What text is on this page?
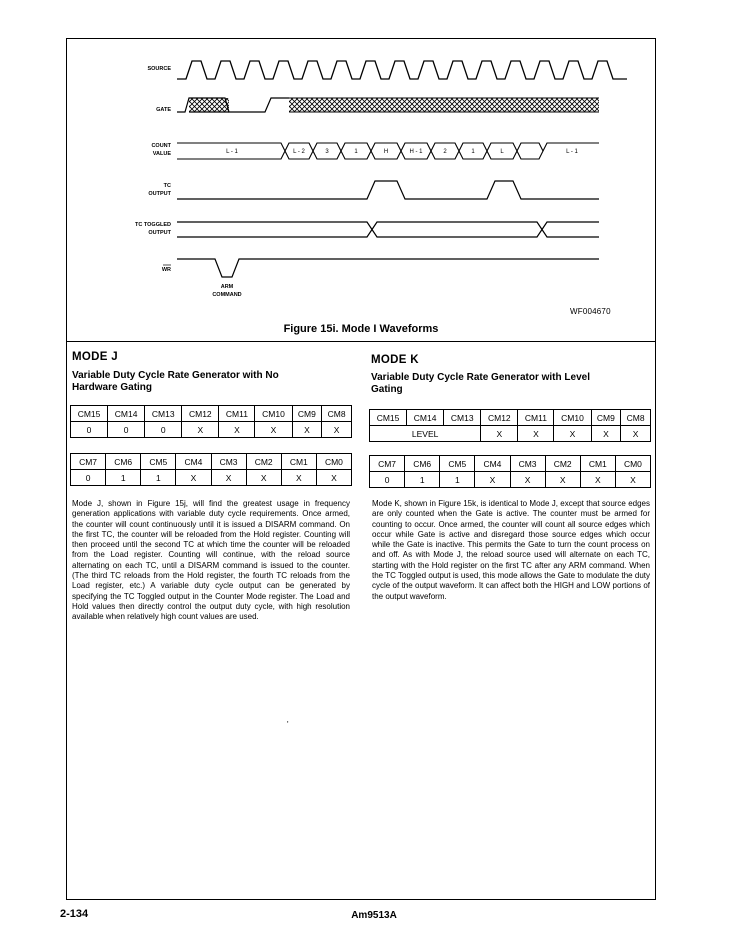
SOURCE
GATE
COUNT
VALUE
TC
OUTPUT
TC TOGGLED
OUTPUT
WR
L - 1	L - 2	3	1	H	H - 1	2	1	L	L - 1
ARM
COMMAND
WF004670
Figure 15i. Mode I Waveforms

MODE J

Variable Duty Cycle Rate Generator with No

Hardware Gating

CM15	CM14	CM13	CM12	CM11	CM10	CM9	CM8
0	0	0	X	X	X	X	X
CM7	CM6	CM5	CM4	CM3	CM2	CM1	CM0
0	1	1	X	X	X	X	X

Mode J, shown in Figure 15j, will find the greatest usage in frequency generation applications with variable duty cycle requirements. Once armed, the counter will count continuously until it is issued a DISARM command. On the first TC, the counter will be reloaded from the Hold register. Counting will then proceed until the second TC at which time the counter will be reloaded from the Load register. Counting will continue, with the reload source alternating on each TC, until a DISARM command is issued to the counter. (The third TC reloads from the Hold register, the fourth TC reloads from the Load register, etc.) A variable duty cycle output can be generated by specifying the TC Toggled output in the Counter Mode register. The Load and Hold values then directly control the output duty cycle, with high resolution available when relatively high count values are used.

MODE K

Variable Duty Cycle Rate Generator with Level

Gating

CM15	CM14	CM13	CM12	CM11	CM10	CM9	CM8
LEVEL			X	X	X	X	X
CM7	CM6	CM5	CM4	CM3	CM2	CM1	CM0
0	1	1	X	X	X	X	X

Mode K, shown in Figure 15k, is identical to Mode J, except that source edges are only counted when the Gate is active. The counter must be armed for counting to occur. Once armed, the counter will count all source edges which occur while Gate is active and disregard those source edges which occur while the Gate is inactive. This permits the Gate to turn the count process on and off. As with Mode J, the reload source used will alternate on each TC, starting with the Hold register on the first TC after any ARM command. When the TC Toggled output is used, this mode allows the Gate to modulate the duty cycle of the output waveform. It can affect both the HIGH and LOW portions of the output waveform.

'
2-134	Am9513A
